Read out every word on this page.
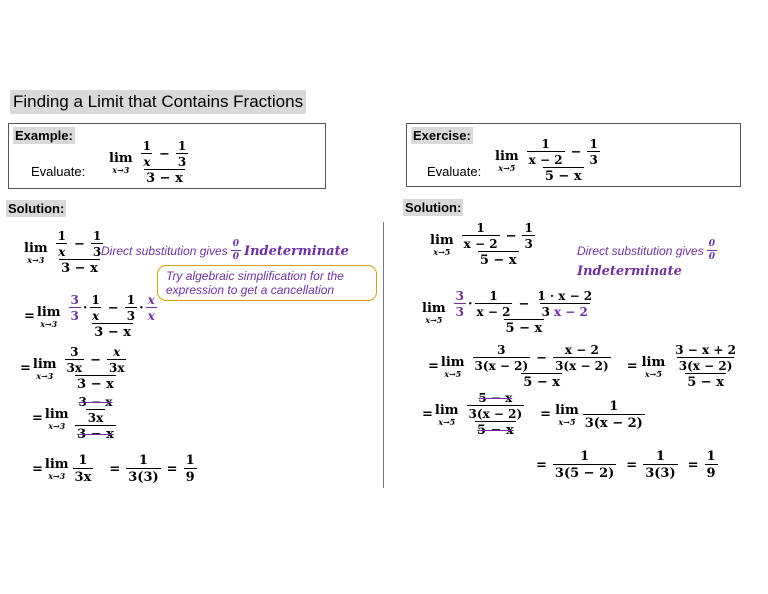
Finding a Limit that Contains Fractions
Example:
Evaluate:
lim
$x\to 3 \frac{\frac{1}{x} - \frac{1}{3}}{3 - x}$
Exercise:
Evaluate:
lim
$x\to 5 \frac{\frac{1}{x - 2} - \frac{1}{3}}{5 - x}$
Solution:	Solution:
lim
$x\to 3 \frac{\frac{1}{x} - \frac{1}{3}}{3 - x}$
Direct substitution gives $\frac{0}{0}$ Indeterminate
Try algebraic simplification for the
expression to get a cancellation
= lim
$x\to 3 \frac{\frac{3}{3} \cdot \frac{1}{x} - \frac{1}{3} \cdot \frac{x}{x}}{3 - x}$
= lim
$x\to 3 \frac{\frac{3}{3x} - \frac{x}{3x}}{3 - x}$
= lim
$x\to 3 \frac{\frac{3 - x}{3x}}{3 - x}$
= lim
$x\to 3 \frac{1}{3x} = \frac{1}{3(3)} = \frac{1}{9}$
lim
$x\to 5 \frac{\frac{1}{x - 2} - \frac{1}{3}}{5 - x}$	Direct substitution gives $\frac{0}{0}$
Indeterminate
lim
$x\to 5 \frac{\frac{3}{3} \cdot \frac{1}{x - 2} - \frac{1 \cdot x - 2}{3 x - 2}}{5 - x}$
= lim
$x\to 5 \frac{\frac{3}{3(x - 2)} - \frac{x - 2}{3(x - 2)}}{5 - x} = \lim$
$x\to 5 \frac{\frac{3 - x + 2}{3(x - 2)}}{5 - x}$
= lim
$x\to 5 \frac{\frac{5 - x}{3(x - 2)}}{5 - x} = \lim$
$x\to 5 \frac{1}{3(x - 2)}$
= $\frac{1}{3(5 - 2)} = \frac{1}{3(3)} = \frac{1}{9}$
